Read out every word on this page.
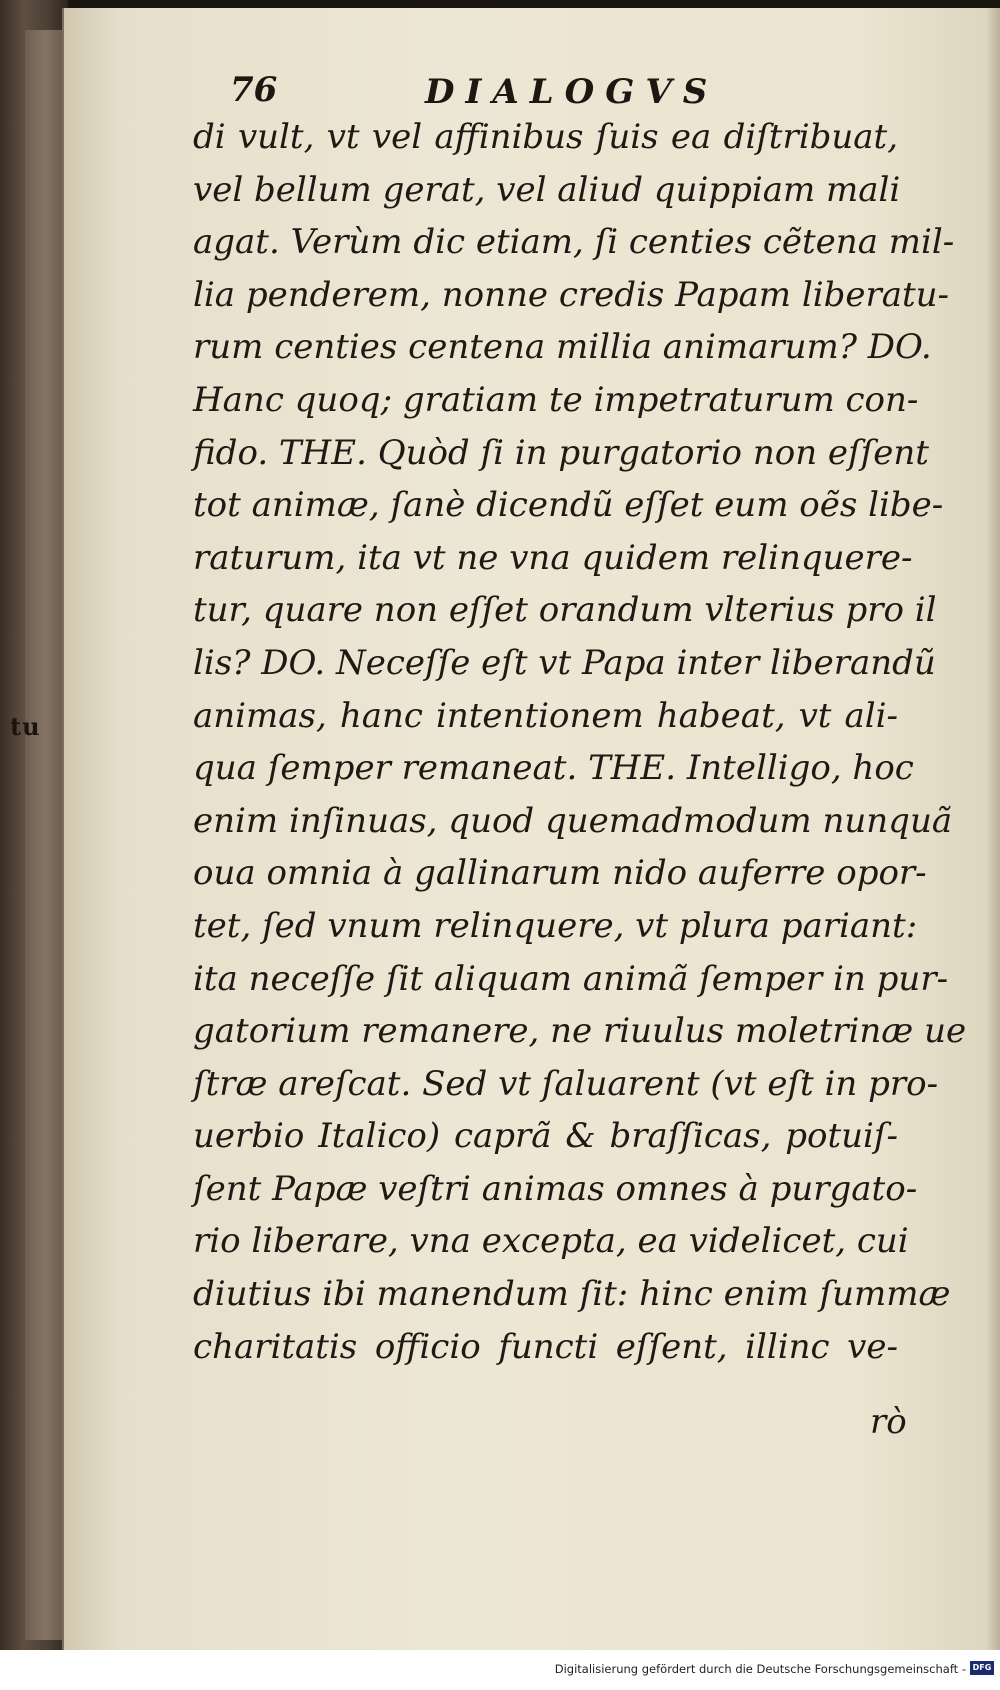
tu
76	DIALOGVS
di vult, vt vel affinibus ſuis ea diſtribuat,
vel bellum gerat, vel aliud quippiam mali
agat. Verùm dic etiam, ſi centies cẽtena mil-
lia penderem, nonne credis Papam liberatu-
rum centies centena millia animarum? DO.
Hanc quoq; gratiam te impetraturum con-
fido. THE. Quòd ſi in purgatorio non eſſent
tot animæ, ſanè dicendũ eſſet eum oẽs libe-
raturum, ita vt ne vna quidem relinquere-
tur, quare non eſſet orandum vlterius pro il
lis? DO. Neceſſe eſt vt Papa inter liberandũ
animas, hanc intentionem habeat, vt ali-
qua ſemper remaneat. THE. Intelligo, hoc
enim inſinuas, quod quemadmodum nunquã
oua omnia à gallinarum nido auferre opor-
tet, ſed vnum relinquere, vt plura pariant:
ita neceſſe ſit aliquam animã ſemper in pur-
gatorium remanere, ne riuulus moletrinæ ue
ſtræ areſcat. Sed vt ſaluarent (vt eſt in pro-
uerbio Italico) caprã & braſſicas, potuiſ-
ſent Papæ veſtri animas omnes à purgato-
rio liberare, vna excepta, ea videlicet, cui
diutius ibi manendum ſit: hinc enim ſummæ
charitatis officio functi eſſent, illinc ve-
rò
Digitalisierung gefördert durch die Deutsche Forschungsgemeinschaft - DFG
